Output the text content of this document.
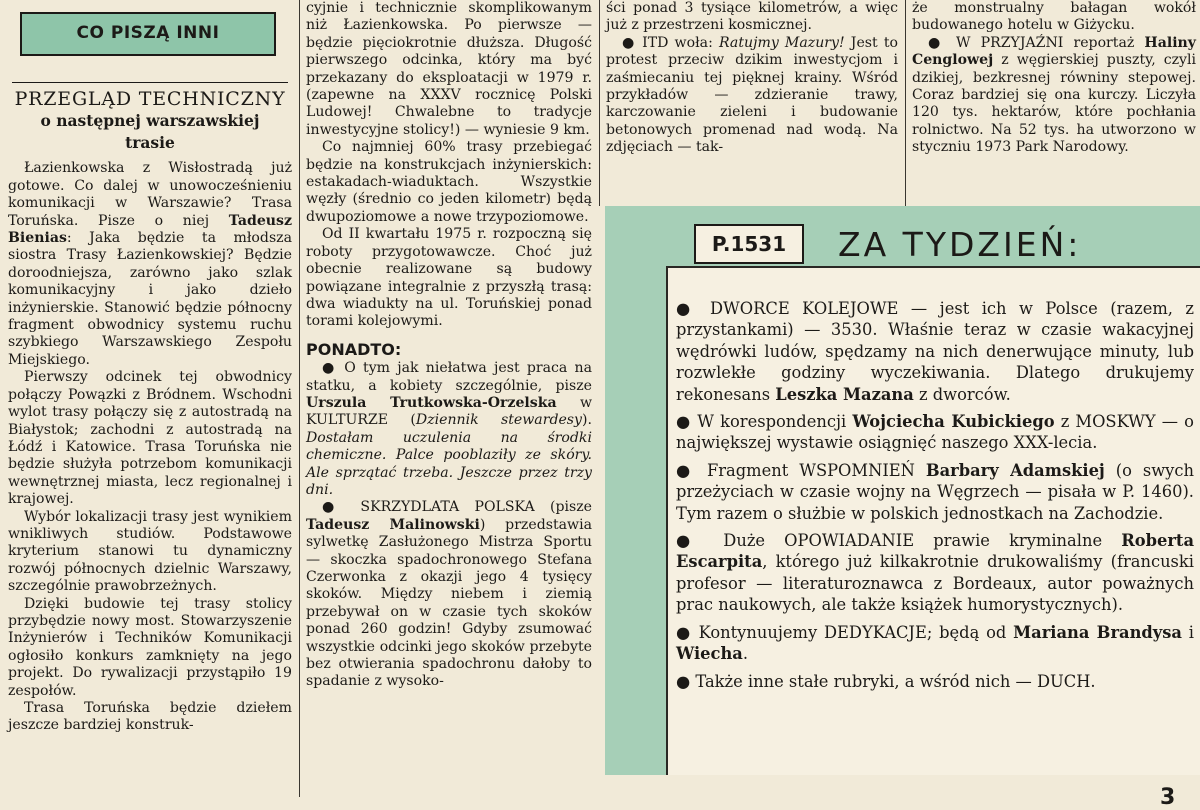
CO PISZĄ INNI
PRZEGLĄD TECHNICZNY
o następnej warszawskiej trasie

Łazienkowska z Wisłostradą już gotowe. Co dalej w unowocześnieniu komunikacji w Warszawie? Trasa Toruńska. Pisze o niej Tadeusz Bienias: Jaka będzie ta młodsza siostra Trasy Łazienkowskiej? Będzie doroodniejsza, zarówno jako szlak komunikacyjny i jako dzieło inżynierskie. Stanowić będzie północny fragment obwodnicy systemu ruchu szybkiego Warszawskiego Zespołu Miejskiego.

Pierwszy odcinek tej obwodnicy połączy Powązki z Bródnem. Wschodni wylot trasy połączy się z autostradą na Białystok; zachodni z autostradą na Łódź i Katowice. Trasa Toruńska nie będzie służyła potrzebom komunikacji wewnętrznej miasta, lecz regionalnej i krajowej.

Wybór lokalizacji trasy jest wynikiem wnikliwych studiów. Podstawowe kryterium stanowi tu dynamiczny rozwój północnych dzielnic Warszawy, szczególnie prawobrzeżnych.

Dzięki budowie tej trasy stolicy przybędzie nowy most. Stowarzyszenie Inżynierów i Techników Komunikacji ogłosiło konkurs zamknięty na jego projekt. Do rywalizacji przystąpiło 19 zespołów.

Trasa Toruńska będzie dziełem jeszcze bardziej konstruk-

cyjnie i technicznie skomplikowanym niż Łazienkowska. Po pierwsze — będzie pięciokrotnie dłuższa. Długość pierwszego odcinka, który ma być przekazany do eksploatacji w 1979 r. (zapewne na XXXV rocznicę Polski Ludowej! Chwalebne to tradycje inwestycyjne stolicy!) — wyniesie 9 km.

Co najmniej 60% trasy przebiegać będzie na konstrukcjach inżynierskich: estakadach-wiaduktach. Wszystkie węzły (średnio co jeden kilometr) będą dwupoziomowe a nowe trzypoziomowe.

Od II kwartału 1975 r. rozpoczną się roboty przygotowawcze. Choć już obecnie realizowane są budowy powiązane integralnie z przyszłą trasą: dwa wiadukty na ul. Toruńskiej ponad torami kolejowymi.

PONADTO:

● O tym jak niełatwa jest praca na statku, a kobiety szczególnie, pisze Urszula Trutkowska-Orzelska w KULTURZE (Dziennik stewardesy). Dostałam uczulenia na środki chemiczne. Palce pooblaziły ze skóry. Ale sprzątać trzeba. Jeszcze przez trzy dni.

● SKRZYDLATA POLSKA (pisze Tadeusz Malinowski) przedstawia sylwetkę Zasłużonego Mistrza Sportu — skoczka spadochronowego Stefana Czerwonka z okazji jego 4 tysięcy skoków. Między niebem i ziemią przebywał on w czasie tych skoków ponad 260 godzin! Gdyby zsumować wszystkie odcinki jego skoków przebyte bez otwierania spadochronu dałoby to spadanie z wysoko-

ści ponad 3 tysiące kilometrów, a więc już z przestrzeni kosmicznej.

● ITD woła: Ratujmy Mazury! Jest to protest przeciw dzikim inwestycjom i zaśmiecaniu tej pięknej krainy. Wśród przykładów — zdzieranie trawy, karczowanie zieleni i budowanie betonowych promenad nad wodą. Na zdjęciach — tak-

że monstrualny bałagan wokół budowanego hotelu w Giżycku.

● W PRZYJAŹNI reportaż Haliny Cenglowej z węgierskiej puszty, czyli dzikiej, bezkresnej równiny stepowej. Coraz bardziej się ona kurczy. Liczyła 120 tys. hektarów, które pochłania rolnictwo. Na 52 tys. ha utworzono w styczniu 1973 Park Narodowy.

P.1531	ZA TYDZIEŃ:

● DWORCE KOLEJOWE — jest ich w Polsce (razem, z przystankami) — 3530. Właśnie teraz w czasie wakacyjnej wędrówki ludów, spędzamy na nich denerwujące minuty, lub rozwlekłe godziny wyczekiwania. Dlatego drukujemy rekonesans Leszka Mazana z dworców.

● W korespondencji Wojciecha Kubickiego z MOSKWY — o największej wystawie osiągnięć naszego XXX-lecia.

● Fragment WSPOMNIEŃ Barbary Adamskiej (o swych przeżyciach w czasie wojny na Węgrzech — pisała w P. 1460). Tym razem o służbie w polskich jednostkach na Zachodzie.

● Duże OPOWIADANIE prawie kryminalne Roberta Escarpita, którego już kilkakrotnie drukowaliśmy (francuski profesor — literaturoznawca z Bordeaux, autor poważnych prac naukowych, ale także książek humorystycznych).

● Kontynuujemy DEDYKACJE; będą od Mariana Brandysa i Wiecha.

● Także inne stałe rubryki, a wśród nich — DUCH.

3
